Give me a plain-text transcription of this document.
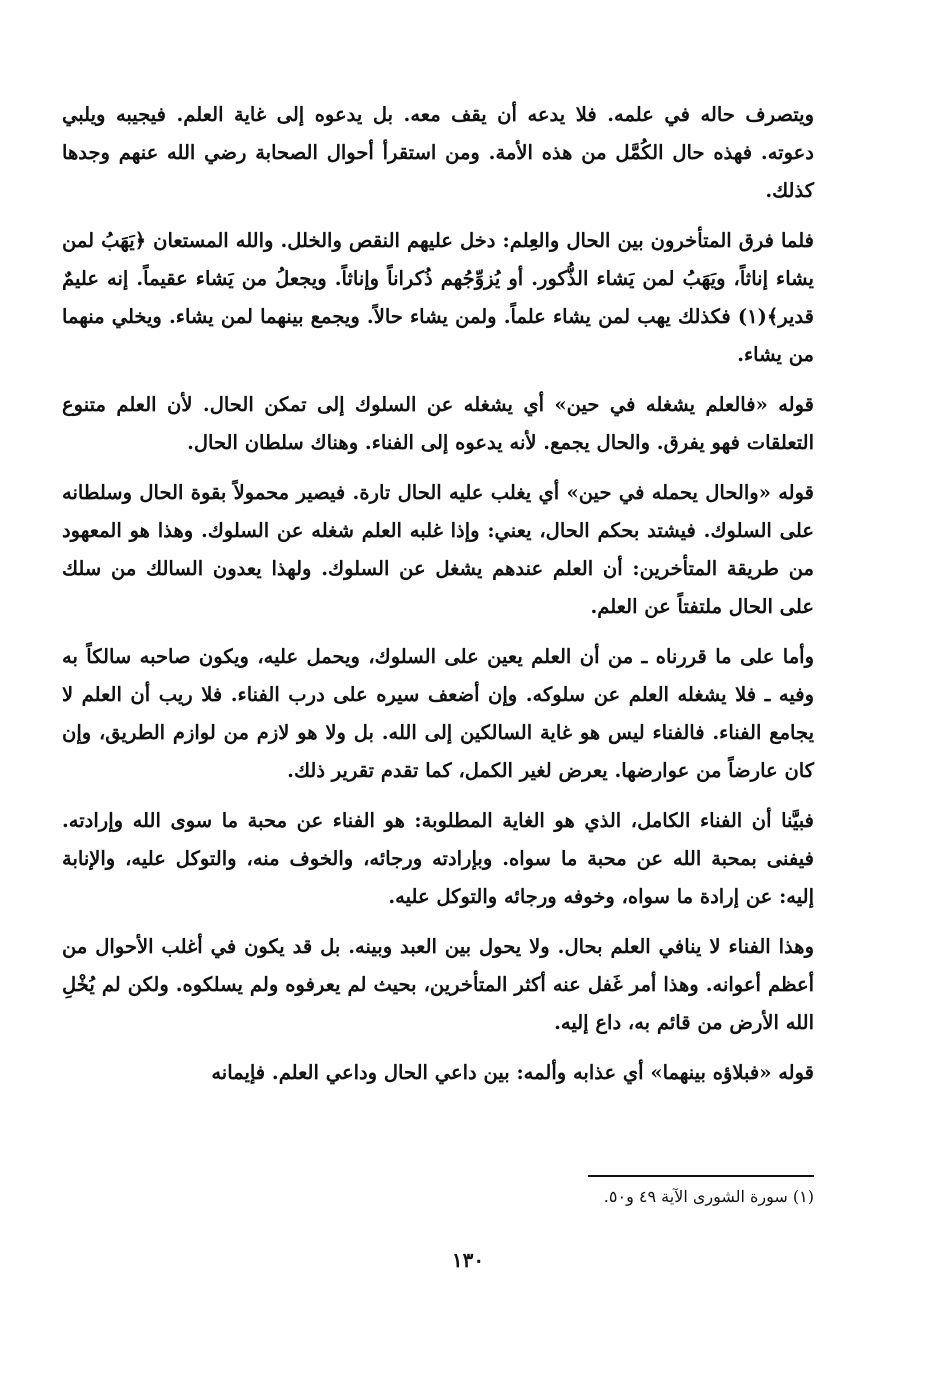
ويتصرف حاله في علمه. فلا يدعه أن يقف معه. بل يدعوه إلى غاية العلم. فيجيبه ويلبي دعوته. فهذه حال الكُمَّل من هذه الأمة. ومن استقرأ أحوال الصحابة رضي الله عنهم وجدها كذلك.

فلما فرق المتأخرون بين الحال والعِلم: دخل عليهم النقص والخلل. والله المستعان ﴿يَهَبُ لمن يشاء إناثاً، ويَهَبُ لمن يَشاء الذُّكور. أو يُزوِّجُهم ذُكراناً وإناثاً. ويجعلُ من يَشاء عقيماً. إنه عليمٌ قدير﴾(١) فكذلك يهب لمن يشاء علماً. ولمن يشاء حالاً. ويجمع بينهما لمن يشاء. ويخلي منهما من يشاء.

قوله «فالعلم يشغله في حين» أي يشغله عن السلوك إلى تمكن الحال. لأن العلم متنوع التعلقات فهو يفرق. والحال يجمع. لأنه يدعوه إلى الفناء. وهناك سلطان الحال.

قوله «والحال يحمله في حين» أي يغلب عليه الحال تارة. فيصير محمولاً بقوة الحال وسلطانه على السلوك. فيشتد بحكم الحال، يعني: وإذا غلبه العلم شغله عن السلوك. وهذا هو المعهود من طريقة المتأخرين: أن العلم عندهم يشغل عن السلوك. ولهذا يعدون السالك من سلك على الحال ملتفتاً عن العلم.

وأما على ما قررناه ـ من أن العلم يعين على السلوك، ويحمل عليه، ويكون صاحبه سالكاً به وفيه ـ فلا يشغله العلم عن سلوكه. وإن أضعف سيره على درب الفناء. فلا ريب أن العلم لا يجامع الفناء. فالفناء ليس هو غاية السالكين إلى الله. بل ولا هو لازم من لوازم الطريق، وإن كان عارضاً من عوارضها. يعرض لغير الكمل، كما تقدم تقرير ذلك.

فبيَّنا أن الفناء الكامل، الذي هو الغاية المطلوبة: هو الفناء عن محبة ما سوى الله وإرادته. فيفنى بمحبة الله عن محبة ما سواه. وبإرادته ورجائه، والخوف منه، والتوكل عليه، والإنابة إليه: عن إرادة ما سواه، وخوفه ورجائه والتوكل عليه.

وهذا الفناء لا ينافي العلم بحال. ولا يحول بين العبد وبينه. بل قد يكون في أغلب الأحوال من أعظم أعوانه. وهذا أمر غَفل عنه أكثر المتأخرين، بحيث لم يعرفوه ولم يسلكوه. ولكن لم يُخْلِ الله الأرض من قائم به، داع إليه.

قوله «فبلاؤه بينهما» أي عذابه وألمه: بين داعي الحال وداعي العلم. فإيمانه

(١) سورة الشورى الآية ٤٩ و٥٠.
١٣٠
